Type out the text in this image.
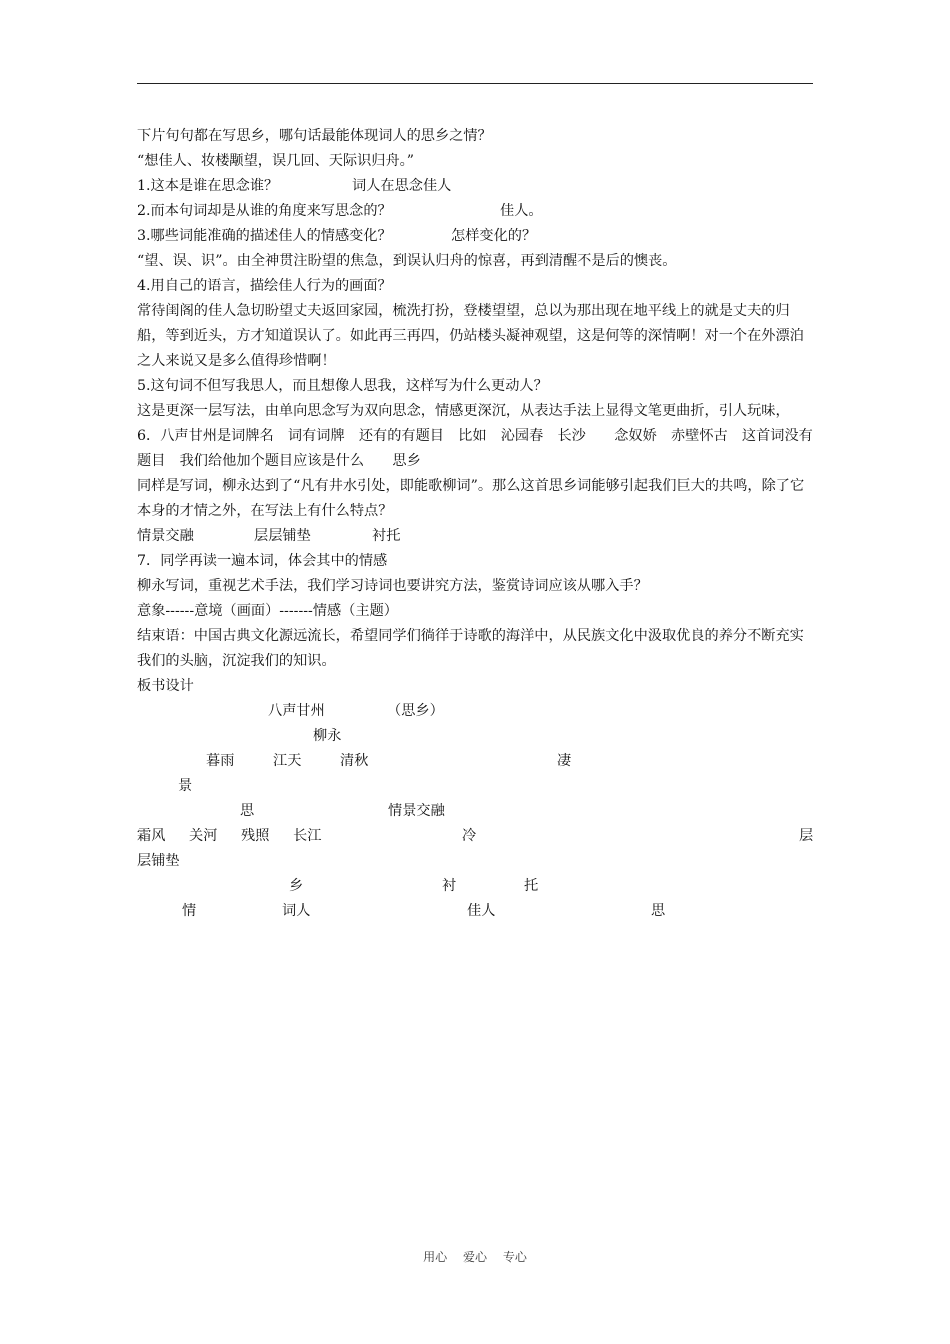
下片句句都在写思乡，哪句话最能体现词人的思乡之情？

“想佳人、妆楼颙望，误几回、天际识归舟。”

1.这本是谁在思念谁？	词人在思念佳人
2.而本句词却是从谁的角度来写思念的？	佳人。
3.哪些词能准确的描述佳人的情感变化？	怎样变化的？

“望、误、识”。由全神贯注盼望的焦急，到误认归舟的惊喜，再到清醒不是后的懊丧。

4.用自己的语言，描绘佳人行为的画面？

常待闺阁的佳人急切盼望丈夫返回家园，梳洗打扮，登楼望望，总以为那出现在地平线上的就是丈夫的归船，等到近头，方才知道误认了。如此再三再四，仍站楼头凝神观望，这是何等的深情啊！对一个在外漂泊之人来说又是多么值得珍惜啊！

5.这句词不但写我思人，而且想像人思我，这样写为什么更动人？

这是更深一层写法，由单向思念写为双向思念，情感更深沉，从表达手法上显得文笔更曲折，引人玩味，

6．八声甘州是词牌名　词有词牌　还有的有题目　比如　沁园春　长沙　　念奴娇　赤壁怀古　这首词没有题目　我们给他加个题目应该是什么　　思乡

同样是写词，柳永达到了“凡有井水引处，即能歌柳词”。那么这首思乡词能够引起我们巨大的共鸣，除了它本身的才情之外，在写法上有什么特点？

情景交融	层层铺垫	衬托

7．同学再读一遍本词，体会其中的情感

柳永写词，重视艺术手法，我们学习诗词也要讲究方法，鉴赏诗词应该从哪入手？

意象------意境（画面）-------情感（主题）

结束语：中国古典文化源远流长，希望同学们徜徉于诗歌的海洋中，从民族文化中汲取优良的养分不断充实我们的头脑，沉淀我们的知识。

板书设计

八声甘州	（思乡）
柳永
暮雨	江天	清秋	凄
景
思	情景交融
霜风 关河 残照 长江	冷	层
层铺垫
乡	衬	托
情	词人	佳人	思
用心 爱心 专心
